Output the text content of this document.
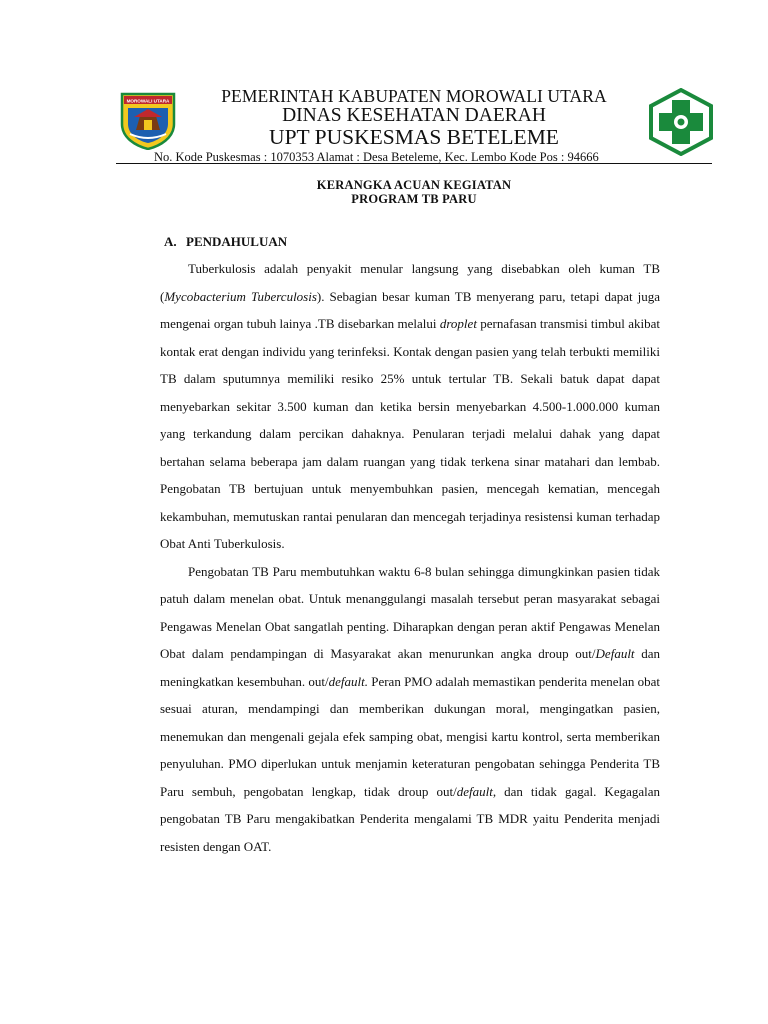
MOROWALI UTARA	PEMERINTAH KABUPATEN MOROWALI UTARA
DINAS KESEHATAN DAERAH
UPT PUSKESMAS BETELEME
No. Kode Puskesmas : 1070353 Alamat : Desa Beteleme, Kec. Lembo Kode Pos : 94666
KERANGKA ACUAN KEGIATAN
PROGRAM TB PARU
A. PENDAHULUAN

Tuberkulosis adalah penyakit menular langsung yang disebabkan oleh kuman TB (Mycobacterium Tuberculosis). Sebagian besar kuman TB menyerang paru, tetapi dapat juga mengenai organ tubuh lainya .TB disebarkan melalui droplet pernafasan transmisi timbul akibat kontak erat dengan individu yang terinfeksi. Kontak dengan pasien yang telah terbukti memiliki TB dalam sputumnya memiliki resiko 25% untuk tertular TB. Sekali batuk dapat dapat menyebarkan sekitar 3.500 kuman dan ketika bersin menyebarkan 4.500-1.000.000 kuman yang terkandung dalam percikan dahaknya. Penularan terjadi melalui dahak yang dapat bertahan selama beberapa jam dalam ruangan yang tidak terkena sinar matahari dan lembab. Pengobatan TB bertujuan untuk menyembuhkan pasien, mencegah kematian, mencegah kekambuhan, memutuskan rantai penularan dan mencegah terjadinya resistensi kuman terhadap Obat Anti Tuberkulosis.

Pengobatan TB Paru membutuhkan waktu 6-8 bulan sehingga dimungkinkan pasien tidak patuh dalam menelan obat. Untuk menanggulangi masalah tersebut peran masyarakat sebagai Pengawas Menelan Obat sangatlah penting. Diharapkan dengan peran aktif Pengawas Menelan Obat dalam pendampingan di Masyarakat akan menurunkan angka droup out/Default dan meningkatkan kesembuhan. out/default. Peran PMO adalah memastikan penderita menelan obat sesuai aturan, mendampingi dan memberikan dukungan moral, mengingatkan pasien, menemukan dan mengenali gejala efek samping obat, mengisi kartu kontrol, serta memberikan penyuluhan. PMO diperlukan untuk menjamin keteraturan pengobatan sehingga Penderita TB Paru sembuh, pengobatan lengkap, tidak droup out/default, dan tidak gagal. Kegagalan pengobatan TB Paru mengakibatkan Penderita mengalami TB MDR yaitu Penderita menjadi resisten dengan OAT.
